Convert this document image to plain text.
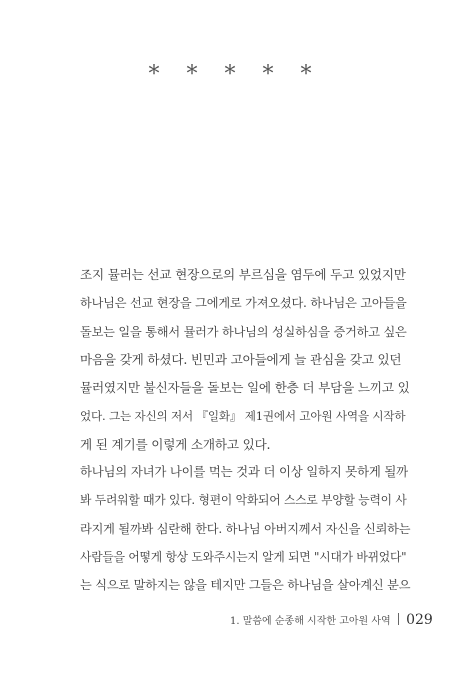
* * * * *
조지 뮬러는 선교 현장으로의 부르심을 염두에 두고 있었지만
하나님은 선교 현장을 그에게로 가져오셨다. 하나님은 고아들을
돌보는 일을 통해서 뮬러가 하나님의 성실하심을 증거하고 싶은
마음을 갖게 하셨다. 빈민과 고아들에게 늘 관심을 갖고 있던
뮬러였지만 불신자들을 돌보는 일에 한층 더 부담을 느끼고 있
었다. 그는 자신의 저서 『일화』 제1권에서 고아원 사역을 시작하
게 된 계기를 이렇게 소개하고 있다.
하나님의 자녀가 나이를 먹는 것과 더 이상 일하지 못하게 될까
봐 두려워할 때가 있다. 형편이 악화되어 스스로 부양할 능력이 사
라지게 될까봐 심란해 한다. 하나님 아버지께서 자신을 신뢰하는
사람들을 어떻게 항상 도와주시는지 알게 되면 "시대가 바뀌었다"
는 식으로 말하지는 않을 테지만 그들은 하나님을 살아계신 분으
1. 말씀에 순종해 시작한 고아원 사역 029
